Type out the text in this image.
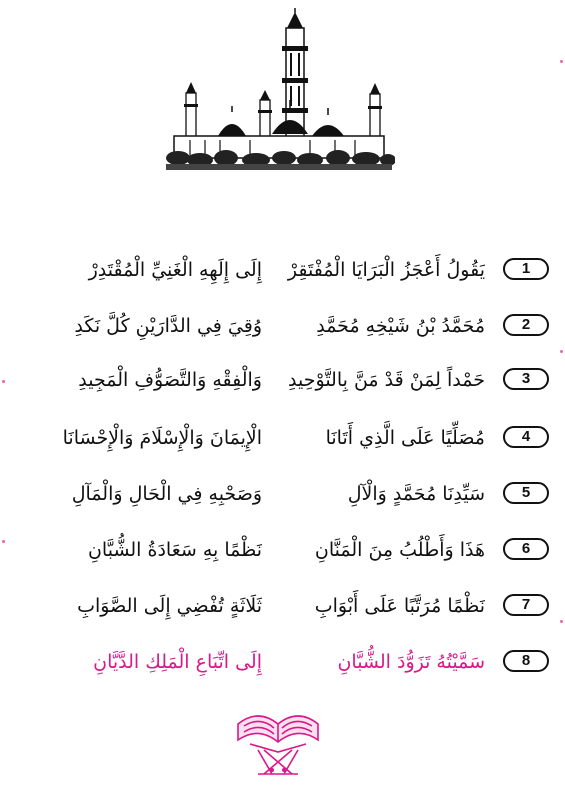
1
يَقُولُ أَعْجَزُ الْبَرَايَا الْمُفْتَقِرْ
إِلَى إِلَهِهِ الْغَنِيِّ الْمُقْتَدِرْ
2
مُحَمَّدُ بْنُ شَيْخِهِ مُحَمَّدِ
وُقِيَ فِي الدَّارَيْنِ كُلَّ نَكَدِ
3
حَمْداً لِمَنْ قَدْ مَنَّ بِالتَّوْحِيدِ
وَالْفِقْهِ وَالتَّصَوُّفِ الْمَجِيدِ
4
مُصَلِّيًا عَلَى الَّذِي أَتَانَا
الْإِيمَانَ وَالْإِسْلَامَ وَالْإِحْسَانَا
5
سَيِّدِنَا مُحَمَّدٍ وَالْآلِ
وَصَحْبِهِ فِي الْحَالِ وَالْمَآلِ
6
هَذَا وَأَطْلُبُ مِنَ الْمَنَّانِ
نَظْمًا بِهِ سَعَادَةُ الشُّبَّانِ
7
نَظْمًا مُرَتَّبًا عَلَى أَبْوَابِ
ثَلَاثَةٍ تُفْضِي إِلَى الصَّوَابِ
8
سَمَّيْتُهُ تَزَوُّدَ الشُّبَّانِ
إِلَى اتِّبَاعِ الْمَلِكِ الدَّيَّانِ
